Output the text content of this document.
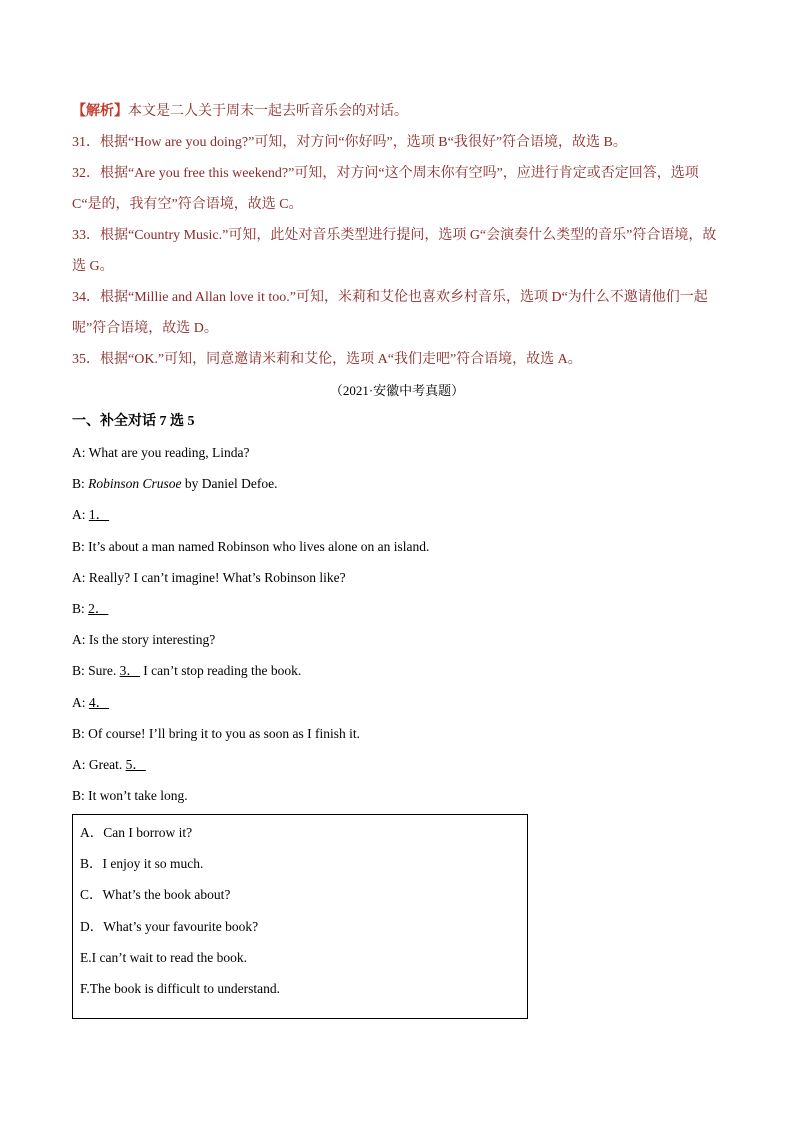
【解析】本文是二人关于周末一起去听音乐会的对话。
31．根据“How are you doing?”可知，对方问“你好吗”，选项 B“我很好”符合语境，故选 B。
32．根据“Are you free this weekend?”可知，对方问“这个周末你有空吗”，应进行肯定或否定回答，选项
C“是的，我有空”符合语境，故选 C。
33．根据“Country Music.”可知，此处对音乐类型进行提问，选项 G“会演奏什么类型的音乐”符合语境，故
选 G。
34．根据“Millie and Allan love it too.”可知，米莉和艾伦也喜欢乡村音乐，选项 D“为什么不邀请他们一起
呢”符合语境，故选 D。
35．根据“OK.”可知，同意邀请米莉和艾伦，选项 A“我们走吧”符合语境，故选 A。
（2021·安徽中考真题）
一、补全对话 7 选 5
A: What are you reading, Linda?
B: Robinson Crusoe by Daniel Defoe.
A: 1．
B: It’s about a man named Robinson who lives alone on an island.
A: Really? I can’t imagine! What’s Robinson like?
B: 2．
A: Is the story interesting?
B: Sure. 3． I can’t stop reading the book.
A: 4．
B: Of course! I’ll bring it to you as soon as I finish it.
A: Great. 5．
B: It won’t take long.
A．Can I borrow it?
B．I enjoy it so much.
C．What’s the book about?
D．What’s your favourite book?
E.I can’t wait to read the book.
F.The book is difficult to understand.
